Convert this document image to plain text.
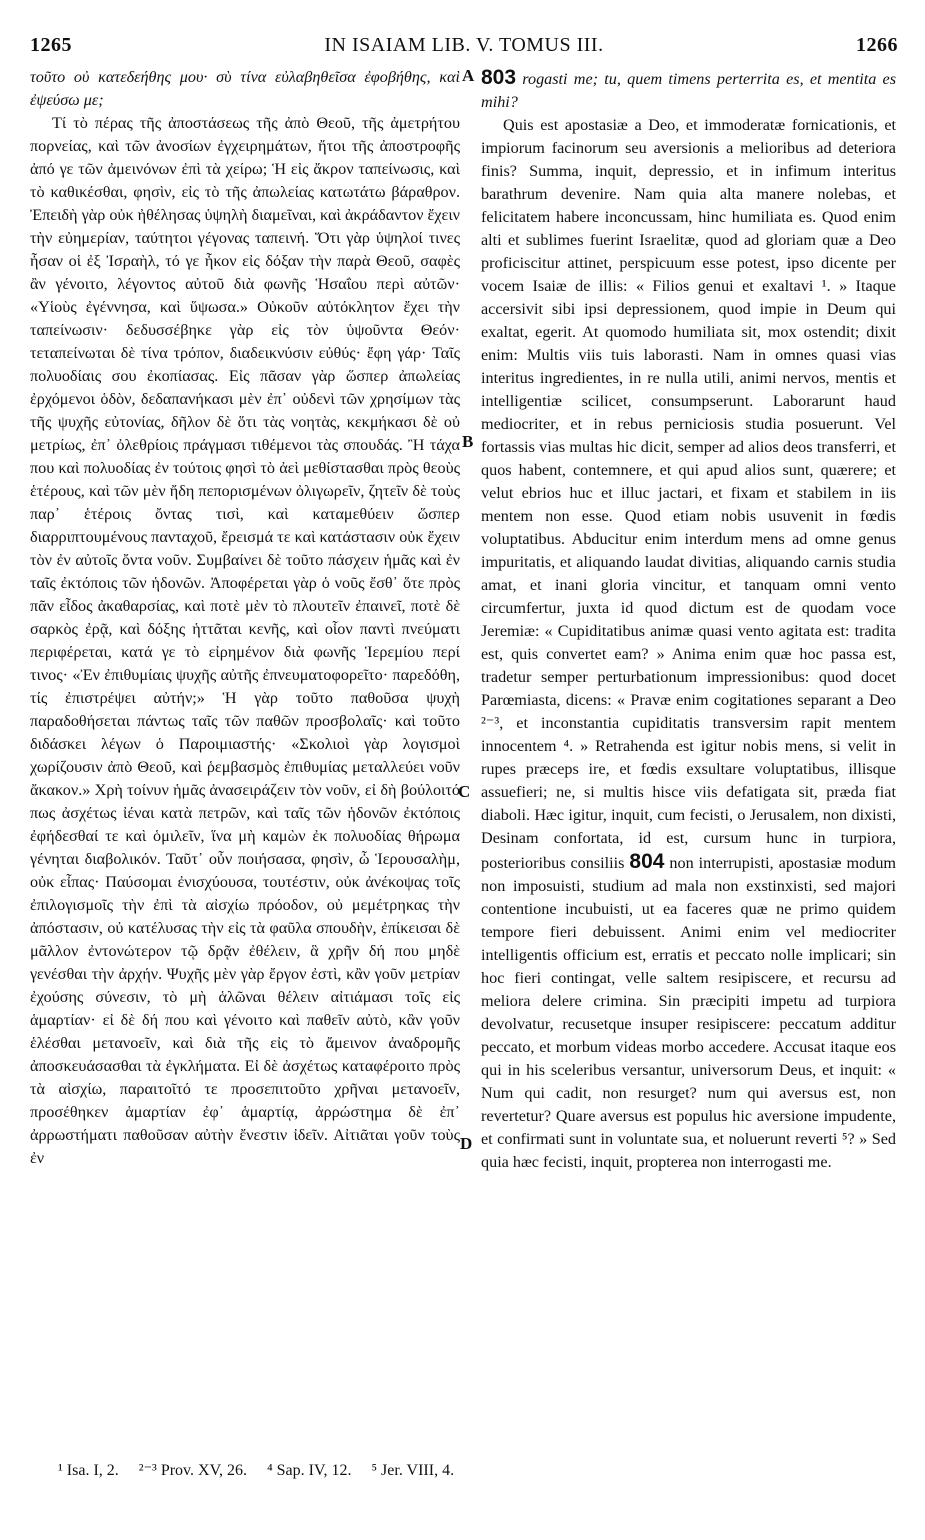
1265	IN ISAIAM LIB. V. TOMUS III.	1266

τοῦτο οὐ κατεδεήθης μου· σὺ τίνα εὐλαβηθεῖσα ἐφοβήθης, καὶ ἐψεύσω με;

Τί τὸ πέρας τῆς ἀποστάσεως τῆς ἀπὸ Θεοῦ, τῆς ἀμετρήτου πορνείας, καὶ τῶν ἀνοσίων ἐγχειρημάτων, ἤτοι τῆς ἀποστροφῆς ἀπό γε τῶν ἀμεινόνων ἐπὶ τὰ χείρω; Ἡ εἰς ἄκρον ταπείνωσις, καὶ τὸ καθικέσθαι, φησὶν, εἰς τὸ τῆς ἀπωλείας κατωτάτω βάραθρον. Ἐπειδὴ γὰρ οὐκ ἠθέλησας ὑψηλὴ διαμεῖναι, καὶ ἀκράδαντον ἔχειν τὴν εὐημερίαν, ταύτητοι γέγονας ταπεινή. Ὅτι γὰρ ὑψηλοί τινες ἦσαν οἱ ἐξ Ἰσραὴλ, τό γε ἧκον εἰς δόξαν τὴν παρὰ Θεοῦ, σαφὲς ἂν γένοιτο, λέγοντος αὐτοῦ διὰ φωνῆς Ἡσαΐου περὶ αὐτῶν· «Υἱοὺς ἐγέννησα, καὶ ὕψωσα.» Οὐκοῦν αὐτόκλητον ἔχει τὴν ταπείνωσιν· δεδυσσέβηκε γὰρ εἰς τὸν ὑψοῦντα Θεόν· τεταπείνωται δὲ τίνα τρόπον, διαδεικνύσιν εὐθύς· ἔφη γάρ· Ταῖς πολυοδίαις σου ἐκοπίασας. Εἰς πᾶσαν γὰρ ὥσπερ ἀπωλείας ἐρχόμενοι ὁδὸν, δεδαπανήκασι μὲν ἐπ᾽ οὐδενὶ τῶν χρησίμων τὰς τῆς ψυχῆς εὐτονίας, δῆλον δὲ ὅτι τὰς νοητὰς, κεκμήκασι δὲ οὐ μετρίως, ἐπ᾽ ὀλεθρίοις πράγμασι τιθέμενοι τὰς σπουδάς. Ἢ τάχα που καὶ πολυοδίας ἐν τούτοις φησὶ τὸ ἀεὶ μεθίστασθαι πρὸς θεοὺς ἑτέρους, καὶ τῶν μὲν ἤδη πεπορισμένων ὀλιγωρεῖν, ζητεῖν δὲ τοὺς παρ᾽ ἑτέροις ὄντας τισὶ, καὶ καταμεθύειν ὥσπερ διαρριπτουμένους πανταχοῦ, ἔρεισμά τε καὶ κατάστασιν οὐκ ἔχειν τὸν ἐν αὐτοῖς ὄντα νοῦν. Συμβαίνει δὲ τοῦτο πάσχειν ἡμᾶς καὶ ἐν ταῖς ἐκτόποις τῶν ἡδονῶν. Ἀποφέρεται γὰρ ὁ νοῦς ἔσθ᾽ ὅτε πρὸς πᾶν εἶδος ἀκαθαρσίας, καὶ ποτὲ μὲν τὸ πλουτεῖν ἐπαινεῖ, ποτὲ δὲ σαρκὸς ἐρᾷ, καὶ δόξης ἡττᾶται κενῆς, καὶ οἷον παντὶ πνεύματι περιφέρεται, κατά γε τὸ εἰρημένον διὰ φωνῆς Ἱερεμίου περί τινος· «Ἐν ἐπιθυμίαις ψυχῆς αὐτῆς ἐπνευματοφορεῖτο· παρεδόθη, τίς ἐπιστρέψει αὐτήν;» Ἡ γὰρ τοῦτο παθοῦσα ψυχὴ παραδοθήσεται πάντως ταῖς τῶν παθῶν προσβολαῖς· καὶ τοῦτο διδάσκει λέγων ὁ Παροιμιαστής· «Σκολιοὶ γὰρ λογισμοὶ χωρίζουσιν ἀπὸ Θεοῦ, καὶ ῥεμβασμὸς ἐπιθυμίας μεταλλεύει νοῦν ἄκακον.» Χρὴ τοίνυν ἡμᾶς ἀνασειράζειν τὸν νοῦν, εἰ δὴ βούλοιτό πως ἀσχέτως ἰέναι κατὰ πετρῶν, καὶ ταῖς τῶν ἡδονῶν ἐκτόποις ἐφήδεσθαί τε καὶ ὁμιλεῖν, ἵνα μὴ καμὼν ἐκ πολυοδίας θήρωμα γένηται διαβολικόν. Ταῦτ᾽ οὖν ποιήσασα, φησὶν, ὦ Ἱερουσαλὴμ, οὐκ εἶπας· Παύσομαι ἐνισχύουσα, τουτέστιν, οὐκ ἀνέκοψας τοῖς ἐπιλογισμοῖς τὴν ἐπὶ τὰ αἰσχίω πρόοδον, οὐ μεμέτρηκας τὴν ἀπόστασιν, οὐ κατέλυσας τὴν εἰς τὰ φαῦλα σπουδὴν, ἐπίκεισαι δὲ μᾶλλον ἐντονώτερον τῷ δρᾷν ἐθέλειν, ἃ χρῆν δή που μηδὲ γενέσθαι τὴν ἀρχήν. Ψυχῆς μὲν γὰρ ἔργον ἐστὶ, κἂν γοῦν μετρίαν ἐχούσης σύνεσιν, τὸ μὴ ἁλῶναι θέλειν αἰτιάμασι τοῖς εἰς ἁμαρτίαν· εἰ δὲ δή που καὶ γένοιτο καὶ παθεῖν αὐτὸ, κἂν γοῦν ἑλέσθαι μετανοεῖν, καὶ διὰ τῆς εἰς τὸ ἄμεινον ἀναδρομῆς ἀποσκευάσασθαι τὰ ἐγκλήματα. Εἰ δὲ ἀσχέτως καταφέροιτο πρὸς τὰ αἰσχίω, παραιτοῖτό τε προσεπιτοῦτο χρῆναι μετανοεῖν, προσέθηκεν ἁμαρτίαν ἐφ᾽ ἁμαρτίᾳ, ἀρρώστημα δὲ ἐπ᾽ ἀρρωστήματι παθοῦσαν αὐτὴν ἔνεστιν ἰδεῖν. Αἰτιᾶται γοῦν τοὺς ἐν

A
B
C
D

803 rogasti me; tu, quem timens perterrita es, et mentita es mihi?

Quis est apostasiæ a Deo, et immoderatæ fornicationis, et impiorum facinorum seu aversionis a melioribus ad deteriora finis? Summa, inquit, depressio, et in infimum interitus barathrum devenire. Nam quia alta manere nolebas, et felicitatem habere inconcussam, hinc humiliata es. Quod enim alti et sublimes fuerint Israelitæ, quod ad gloriam quæ a Deo proficiscitur attinet, perspicuum esse potest, ipso dicente per vocem Isaiæ de illis: « Filios genui et exaltavi ¹. » Itaque accersivit sibi ipsi depressionem, quod impie in Deum qui exaltat, egerit. At quomodo humiliata sit, mox ostendit; dixit enim: Multis viis tuis laborasti. Nam in omnes quasi vias interitus ingredientes, in re nulla utili, animi nervos, mentis et intelligentiæ scilicet, consumpserunt. Laborarunt haud mediocriter, et in rebus perniciosis studia posuerunt. Vel fortassis vias multas hic dicit, semper ad alios deos transferri, et quos habent, contemnere, et qui apud alios sunt, quærere; et velut ebrios huc et illuc jactari, et fixam et stabilem in iis mentem non esse. Quod etiam nobis usuvenit in fœdis voluptatibus. Abducitur enim interdum mens ad omne genus impuritatis, et aliquando laudat divitias, aliquando carnis studia amat, et inani gloria vincitur, et tanquam omni vento circumfertur, juxta id quod dictum est de quodam voce Jeremiæ: « Cupiditatibus animæ quasi vento agitata est: tradita est, quis convertet eam? » Anima enim quæ hoc passa est, tradetur semper perturbationum impressionibus: quod docet Parœmiasta, dicens: « Pravæ enim cogitationes separant a Deo ²⁻³, et inconstantia cupiditatis transversim rapit mentem innocentem ⁴. » Retrahenda est igitur nobis mens, si velit in rupes præceps ire, et fœdis exsultare voluptatibus, illisque assuefieri; ne, si multis hisce viis defatigata sit, præda fiat diaboli. Hæc igitur, inquit, cum fecisti, o Jerusalem, non dixisti, Desinam confortata, id est, cursum hunc in turpiora, posterioribus consiliis 804 non interrupisti, apostasiæ modum non imposuisti, studium ad mala non exstinxisti, sed majori contentione incubuisti, ut ea faceres quæ ne primo quidem tempore fieri debuissent. Animi enim vel mediocriter intelligentis officium est, erratis et peccato nolle implicari; sin hoc fieri contingat, velle saltem resipiscere, et recursu ad meliora delere crimina. Sin præcipiti impetu ad turpiora devolvatur, recusetque insuper resipiscere: peccatum additur peccato, et morbum videas morbo accedere. Accusat itaque eos qui in his sceleribus versantur, universorum Deus, et inquit: « Num qui cadit, non resurget? num qui aversus est, non revertetur? Quare aversus est populus hic aversione impudente, et confirmati sunt in voluntate sua, et noluerunt reverti ⁵? » Sed quia hæc fecisti, inquit, propterea non interrogasti me.

¹ Isa. I, 2. ²⁻³ Prov. XV, 26. ⁴ Sap. IV, 12. ⁵ Jer. VIII, 4.
